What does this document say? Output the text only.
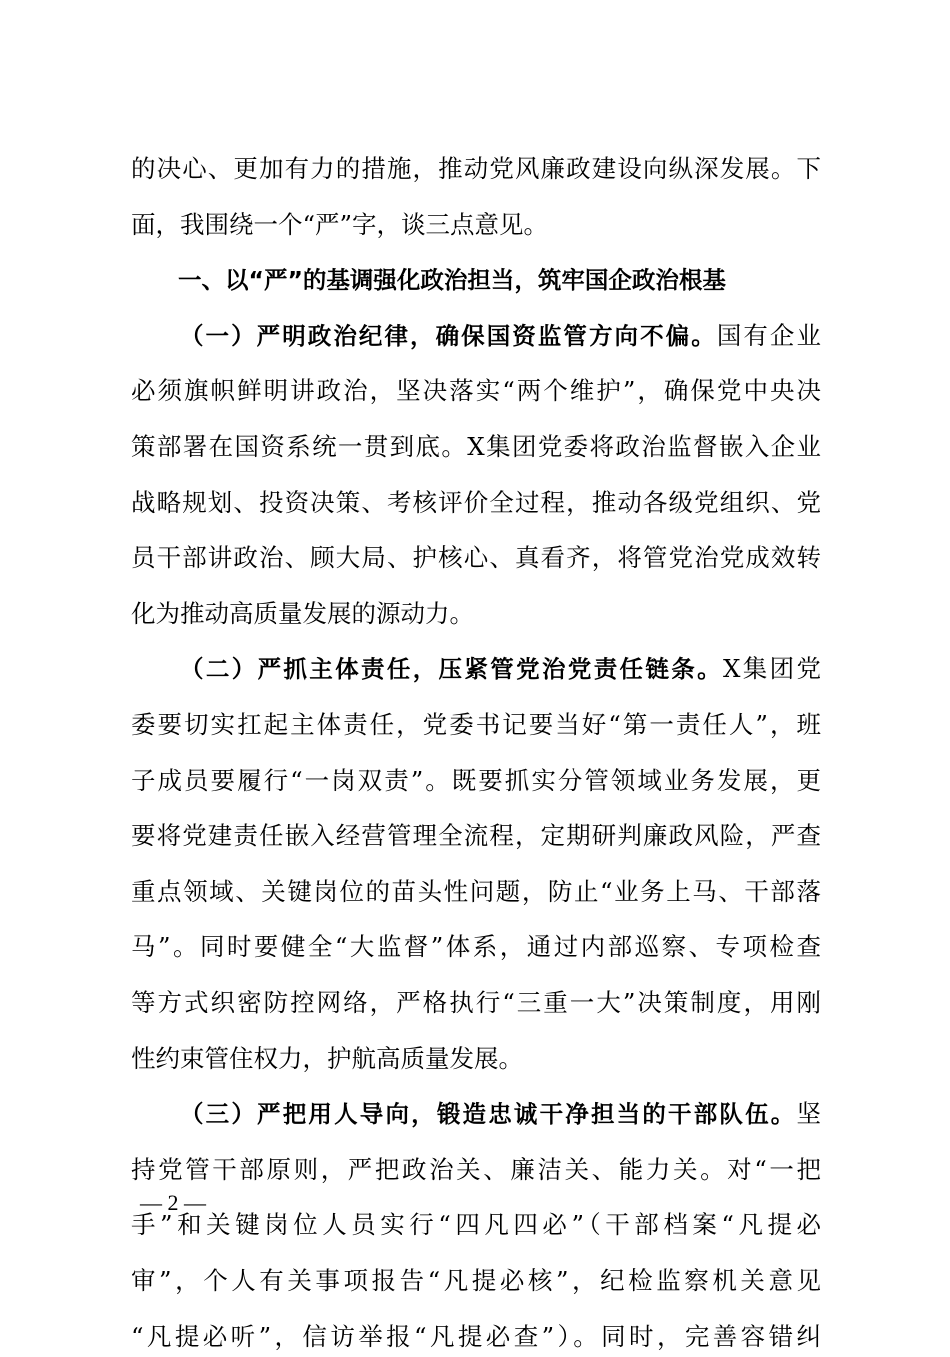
的决心、更加有力的措施，推动党风廉政建设向纵深发展。下
面，我围绕一个“严”字，谈三点意见。
一、以“严”的基调强化政治担当，筑牢国企政治根基
（一）严明政治纪律，确保国资监管方向不偏。国有企业
必须旗帜鲜明讲政治，坚决落实“两个维护”，确保党中央决
策部署在国资系统一贯到底。X集团党委将政治监督嵌入企业
战略规划、投资决策、考核评价全过程，推动各级党组织、党
员干部讲政治、顾大局、护核心、真看齐，将管党治党成效转
化为推动高质量发展的源动力。
（二）严抓主体责任，压紧管党治党责任链条。X集团党
委要切实扛起主体责任，党委书记要当好“第一责任人”，班
子成员要履行“一岗双责”。既要抓实分管领域业务发展，更
要将党建责任嵌入经营管理全流程，定期研判廉政风险，严查
重点领域、关键岗位的苗头性问题，防止“业务上马、干部落
马”。同时要健全“大监督”体系，通过内部巡察、专项检查
等方式织密防控网络，严格执行“三重一大”决策制度，用刚
性约束管住权力，护航高质量发展。
（三）严把用人导向，锻造忠诚干净担当的干部队伍。坚
持党管干部原则，严把政治关、廉洁关、能力关。对“一把
手”和关键岗位人员实行“四凡四必”（干部档案“凡提必
审”，个人有关事项报告“凡提必核”，纪检监察机关意见
“凡提必听”，信访举报“凡提必查”）。同时，完善容错纠
— 2 —
